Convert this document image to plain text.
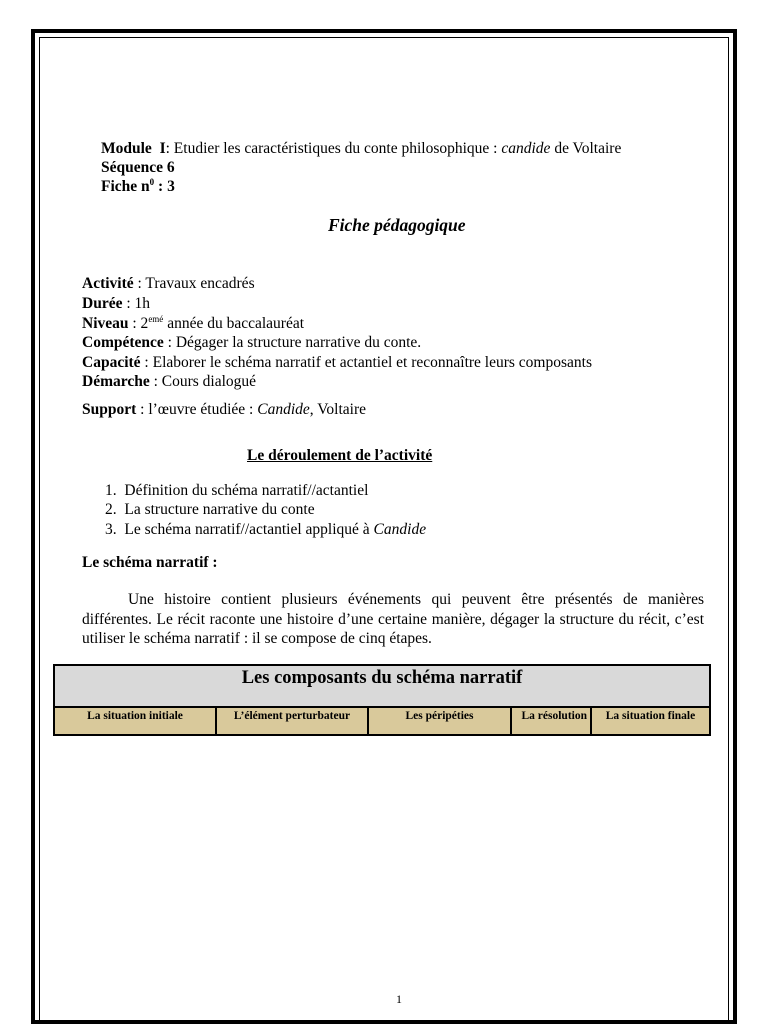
Module I: Etudier les caractéristiques du conte philosophique : candide de Voltaire
Séquence 6
Fiche $n^0$ : 3
Fiche pédagogique
Activité : Travaux encadrés
Durée : 1h
Niveau : $2^{emé}$ année du baccalauréat
Compétence : Dégager la structure narrative du conte.
Capacité : Elaborer le schéma narratif et actantiel et reconnaître leurs composants
Démarche : Cours dialogué
Support : l’œuvre étudiée : Candide, Voltaire
Le déroulement de l’activité
1. Définition du schéma narratif//actantiel
2. La structure narrative du conte
3. Le schéma narratif//actantiel appliqué à Candide
Le schéma narratif :
Une histoire contient plusieurs événements qui peuvent être présentés de manières différentes. Le récit raconte une histoire d’une certaine manière, dégager la structure du récit, c’est utiliser le schéma narratif : il se compose de cinq étapes.
Les composants du schéma narratif
La situation initiale	L’élément perturbateur	Les péripéties	La résolution	La situation finale
1
